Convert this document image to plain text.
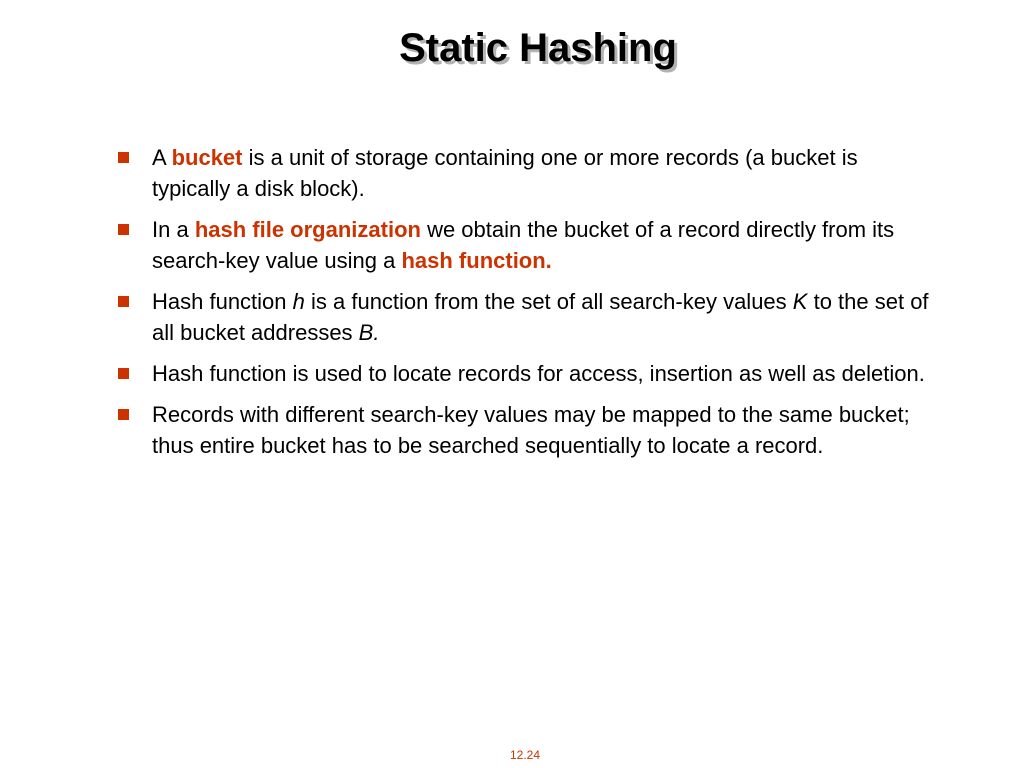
Static Hashing
A bucket is a unit of storage containing one or more records (a bucket is typically a disk block).
In a hash file organization we obtain the bucket of a record directly from its search-key value using a hash function.
Hash function h is a function from the set of all search-key values K to the set of all bucket addresses B.
Hash function is used to locate records for access, insertion as well as deletion.
Records with different search-key values may be mapped to the same bucket; thus entire bucket has to be searched sequentially to locate a record.
12.24
